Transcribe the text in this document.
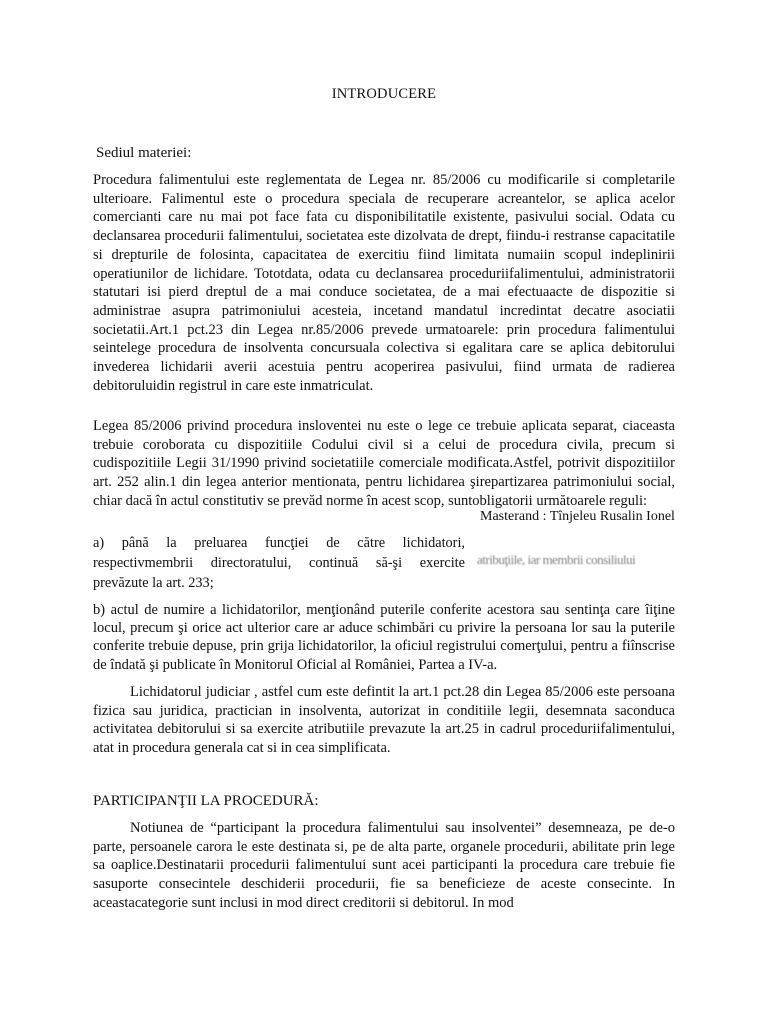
INTRODUCERE
Sediul materiei:
Procedura falimentului este reglementata de Legea nr. 85/2006 cu modificarile si completarile ulterioare. Falimentul este o procedura speciala de recuperare acreantelor, se aplica acelor comercianti care nu mai pot face fata cu disponibilitatile existente, pasivului social. Odata cu declansarea procedurii falimentului, societatea este dizolvata de drept, fiindu-i restranse capacitatile si drepturile de folosinta, capacitatea de exercitiu fiind limitata numaiin scopul indeplinirii operatiunilor de lichidare. Tototdata, odata cu declansarea proceduriifalimentului, administratorii statutari isi pierd dreptul de a mai conduce societatea, de a mai efectuaacte de dispozitie si administrae asupra patrimoniului acesteia, incetand mandatul incredintat decatre asociatii societatii.Art.1 pct.23 din Legea nr.85/2006 prevede urmatoarele: prin procedura falimentului seintelege procedura de insolventa concursuala colectiva si egalitara care se aplica debitorului invederea lichidarii averii acestuia pentru acoperirea pasivului, fiind urmata de radierea debitoruluidin registrul in care este inmatriculat.
Legea 85/2006 privind procedura insloventei nu este o lege ce trebuie aplicata separat, ciaceasta trebuie coroborata cu dispozitiile Codului civil si a celui de procedura civila, precum si cudispozitiile Legii 31/1990 privind societatiile comerciale modificata.Astfel, potrivit dispozitiilor art. 252 alin.1 din legea anterior mentionata, pentru lichidarea şirepartizarea patrimoniului social, chiar dacă în actul constitutiv se prevăd norme în acest scop, suntobligatorii următoarele reguli:
Masterand : Tînjeleu Rusalin Ionel
a) până la preluarea funcţiei de către lichidatori,
respectivmembrii directoratului, continuă să-şi exercite atribuţiile, iar membrii consiliului
prevăzute la art. 233;
b) actul de numire a lichidatorilor, menţionând puterile conferite acestora sau sentinţa care îiţine locul, precum şi orice act ulterior care ar aduce schimbări cu privire la persoana lor sau la puterile conferite trebuie depuse, prin grija lichidatorilor, la oficiul registrului comerţului, pentru a fiînscrise de îndată şi publicate în Monitorul Oficial al României, Partea a IV-a.
Lichidatorul judiciar , astfel cum este defintit la art.1 pct.28 din Legea 85/2006 este persoana fizica sau juridica, practician in insolventa, autorizat in conditiile legii, desemnata saconduca activitatea debitorului si sa exercite atributiile prevazute la art.25 in cadrul proceduriifalimentului, atat in procedura generala cat si in cea simplificata.
PARTICIPANŢII LA PROCEDURĂ:
Notiunea de “participant la procedura falimentului sau insolventei” desemneaza, pe de-o parte, persoanele carora le este destinata si, pe de alta parte, organele procedurii, abilitate prin lege sa oaplice.Destinatarii procedurii falimentului sunt acei participanti la procedura care trebuie fie sasuporte consecintele deschiderii procedurii, fie sa beneficieze de aceste consecinte. In aceastacategorie sunt inclusi in mod direct creditorii si debitorul. In mod
